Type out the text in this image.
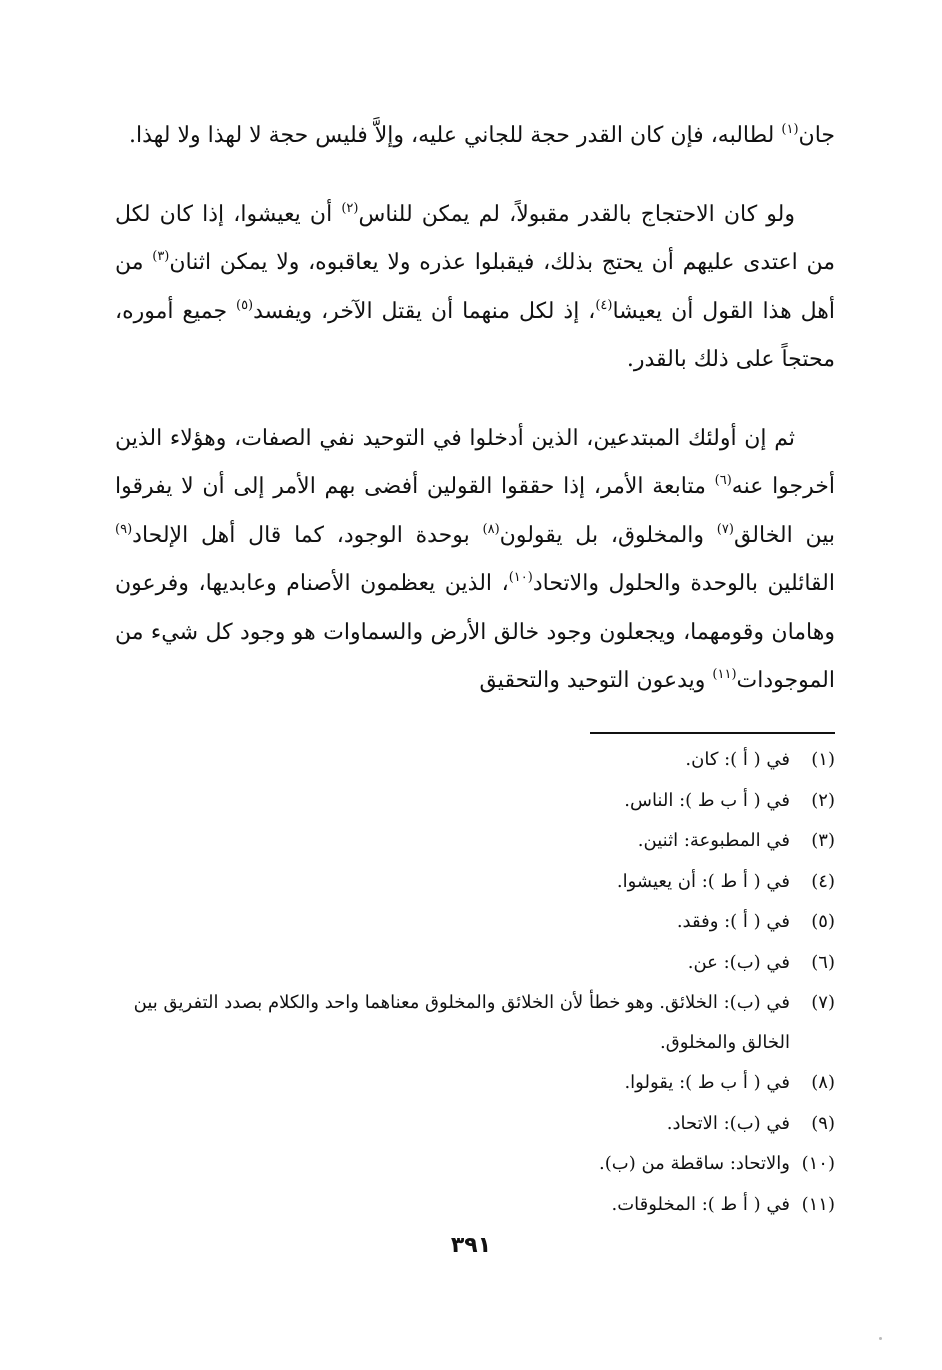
جان$^{(١)}$ لطالبه، فإن كان القدر حجة للجاني عليه، وإلاَّ فليس حجة لا لهذا ولا لهذا.

ولو كان الاحتجاج بالقدر مقبولاً، لم يمكن للناس$^{(٢)}$ أن يعيشوا، إذا كان لكل من اعتدى عليهم أن يحتج بذلك، فيقبلوا عذره ولا يعاقبوه، ولا يمكن اثنان$^{(٣)}$ من أهل هذا القول أن يعيشا$^{(٤)}$، إذ لكل منهما أن يقتل الآخر، ويفسد$^{(٥)}$ جميع أموره، محتجاً على ذلك بالقدر.

ثم إن أولئك المبتدعين، الذين أدخلوا في التوحيد نفي الصفات، وهؤلاء الذين أخرجوا عنه$^{(٦)}$ متابعة الأمر، إذا حققوا القولين أفضى بهم الأمر إلى أن لا يفرقوا بين الخالق$^{(٧)}$ والمخلوق، بل يقولون$^{(٨)}$ بوحدة الوجود، كما قال أهل الإلحاد$^{(٩)}$ القائلين بالوحدة والحلول والاتحاد$^{(١٠)}$، الذين يعظمون الأصنام وعابديها، وفرعون وهامان وقومهما، ويجعلون وجود خالق الأرض والسماوات هو وجود كل شيء من الموجودات$^{(١١)}$ ويدعون التوحيد والتحقيق

(١)
في ( أ ): كان.
(٢)
في ( أ ب ط ): الناس.
(٣)
في المطبوعة: اثنين.
(٤)
في ( أ ط ): أن يعيشوا.
(٥)
في ( أ ): وفقد.
(٦)
في (ب): عن.
(٧)
في (ب): الخلائق. وهو خطأ لأن الخلائق والمخلوق معناهما واحد والكلام بصدد التفريق بين الخالق والمخلوق.
(٨)
في ( أ ب ط ): يقولوا.
(٩)
في (ب): الاتحاد.
(١٠)
والاتحاد: ساقطة من (ب).
(١١)
في ( أ ط ): المخلوقات.
٣٩١
